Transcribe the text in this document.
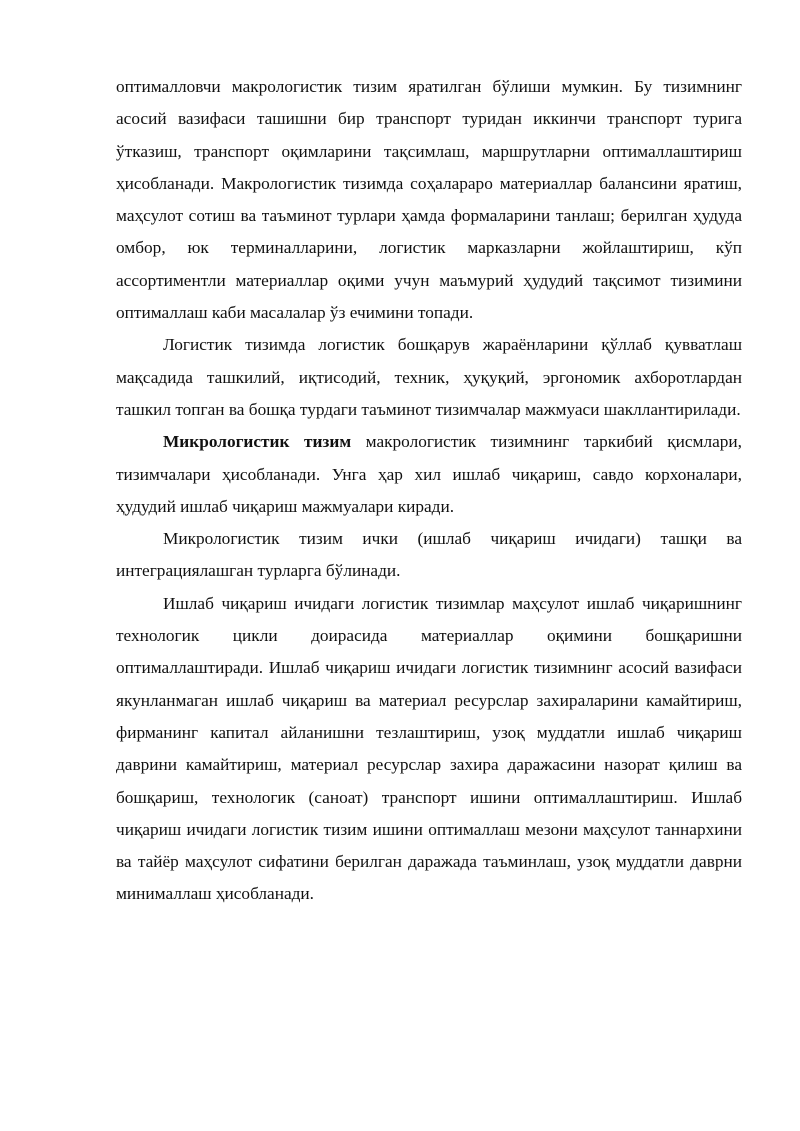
оптималловчи макрологистик тизим яратилган бўлиши мумкин. Бу тизимнинг асосий вазифаси ташишни бир транспорт туридан иккинчи транспорт турига ўтказиш, транспорт оқимларини тақсимлаш, маршрутларни оптималлаштириш ҳисобланади. Макрологистик тизимда соҳалараро материаллар балансини яратиш, маҳсулот сотиш ва таъминот турлари ҳамда формаларини танлаш; берилган ҳудуда омбор, юк терминалларини, логистик марказларни жойлаштириш, кўп ассортиментли материаллар оқими учун маъмурий ҳудудий тақсимот тизимини оптималлаш каби масалалар ўз ечимини топади.

Логистик тизимда логистик бошқарув жараёнларини қўллаб қувватлаш мақсадида ташкилий, иқтисодий, техник, ҳуқуқий, эргономик ахборотлардан ташкил топган ва бошқа турдаги таъминот тизимчалар мажмуаси шакллантирилади.

Микрологистик тизим макрологистик тизимнинг таркибий қисмлари, тизимчалари ҳисобланади. Унга ҳар хил ишлаб чиқариш, савдо корхоналари, ҳудудий ишлаб чиқариш мажмуалари киради.

Микрологистик тизим ички (ишлаб чиқариш ичидаги) ташқи ва интеграциялашган турларга бўлинади.

Ишлаб чиқариш ичидаги логистик тизимлар маҳсулот ишлаб чиқаришнинг технологик цикли доирасида материаллар оқимини бошқаришни оптималлаштиради. Ишлаб чиқариш ичидаги логистик тизимнинг асосий вазифаси якунланмаган ишлаб чиқариш ва материал ресурслар захираларини камайтириш, фирманинг капитал айланишни тезлаштириш, узоқ муддатли ишлаб чиқариш даврини камайтириш, материал ресурслар захира даражасини назорат қилиш ва бошқариш, технологик (саноат) транспорт ишини оптималлаштириш. Ишлаб чиқариш ичидаги логистик тизим ишини оптималлаш мезони маҳсулот таннархини ва тайёр маҳсулот сифатини берилган даражада таъминлаш, узоқ муддатли даврни минималлаш ҳисобланади.
